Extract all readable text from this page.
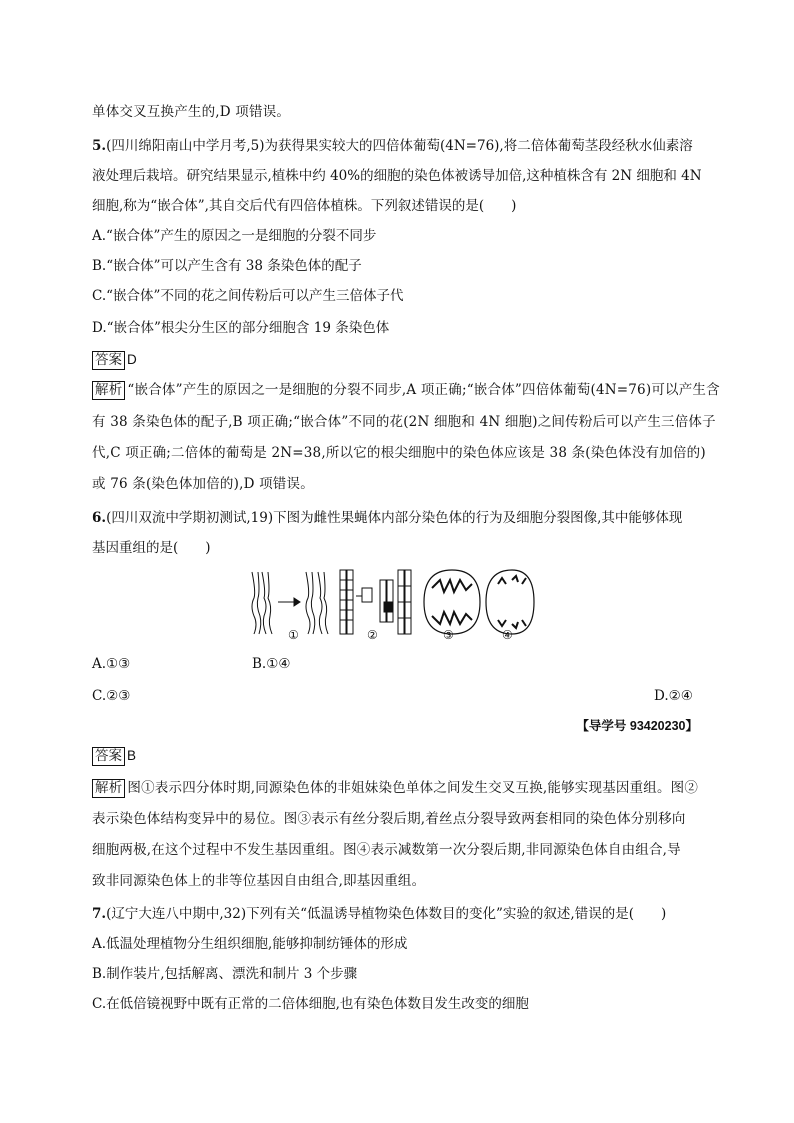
单体交叉互换产生的,D 项错误。
5.(四川绵阳南山中学月考,5)为获得果实较大的四倍体葡萄(4N=76),将二倍体葡萄茎段经秋水仙素溶
液处理后栽培。研究结果显示,植株中约 40%的细胞的染色体被诱导加倍,这种植株含有 2N 细胞和 4N
细胞,称为“嵌合体”,其自交后代有四倍体植株。下列叙述错误的是(　　)
A.“嵌合体”产生的原因之一是细胞的分裂不同步
B.“嵌合体”可以产生含有 38 条染色体的配子
C.“嵌合体”不同的花之间传粉后可以产生三倍体子代
D.“嵌合体”根尖分生区的部分细胞含 19 条染色体
答案 D
解析 “嵌合体”产生的原因之一是细胞的分裂不同步,A 项正确;“嵌合体”四倍体葡萄(4N=76)可以产生含
有 38 条染色体的配子,B 项正确;“嵌合体”不同的花(2N 细胞和 4N 细胞)之间传粉后可以产生三倍体子
代,C 项正确;二倍体的葡萄是 2N=38,所以它的根尖细胞中的染色体应该是 38 条(染色体没有加倍的)
或 76 条(染色体加倍的),D 项错误。
6.(四川双流中学期初测试,19)下图为雌性果蝇体内部分染色体的行为及细胞分裂图像,其中能够体现
基因重组的是(　　)
①	②	③	④
A.①③	B.①④
C.②③	D.②④
【导学号 93420230】
答案 B
解析 图①表示四分体时期,同源染色体的非姐妹染色单体之间发生交叉互换,能够实现基因重组。图②
表示染色体结构变异中的易位。图③表示有丝分裂后期,着丝点分裂导致两套相同的染色体分别移向
细胞两极,在这个过程中不发生基因重组。图④表示减数第一次分裂后期,非同源染色体自由组合,导
致非同源染色体上的非等位基因自由组合,即基因重组。
7.(辽宁大连八中期中,32)下列有关“低温诱导植物染色体数目的变化”实验的叙述,错误的是(　　)
A.低温处理植物分生组织细胞,能够抑制纺锤体的形成
B.制作装片,包括解离、漂洗和制片 3 个步骤
C.在低倍镜视野中既有正常的二倍体细胞,也有染色体数目发生改变的细胞
